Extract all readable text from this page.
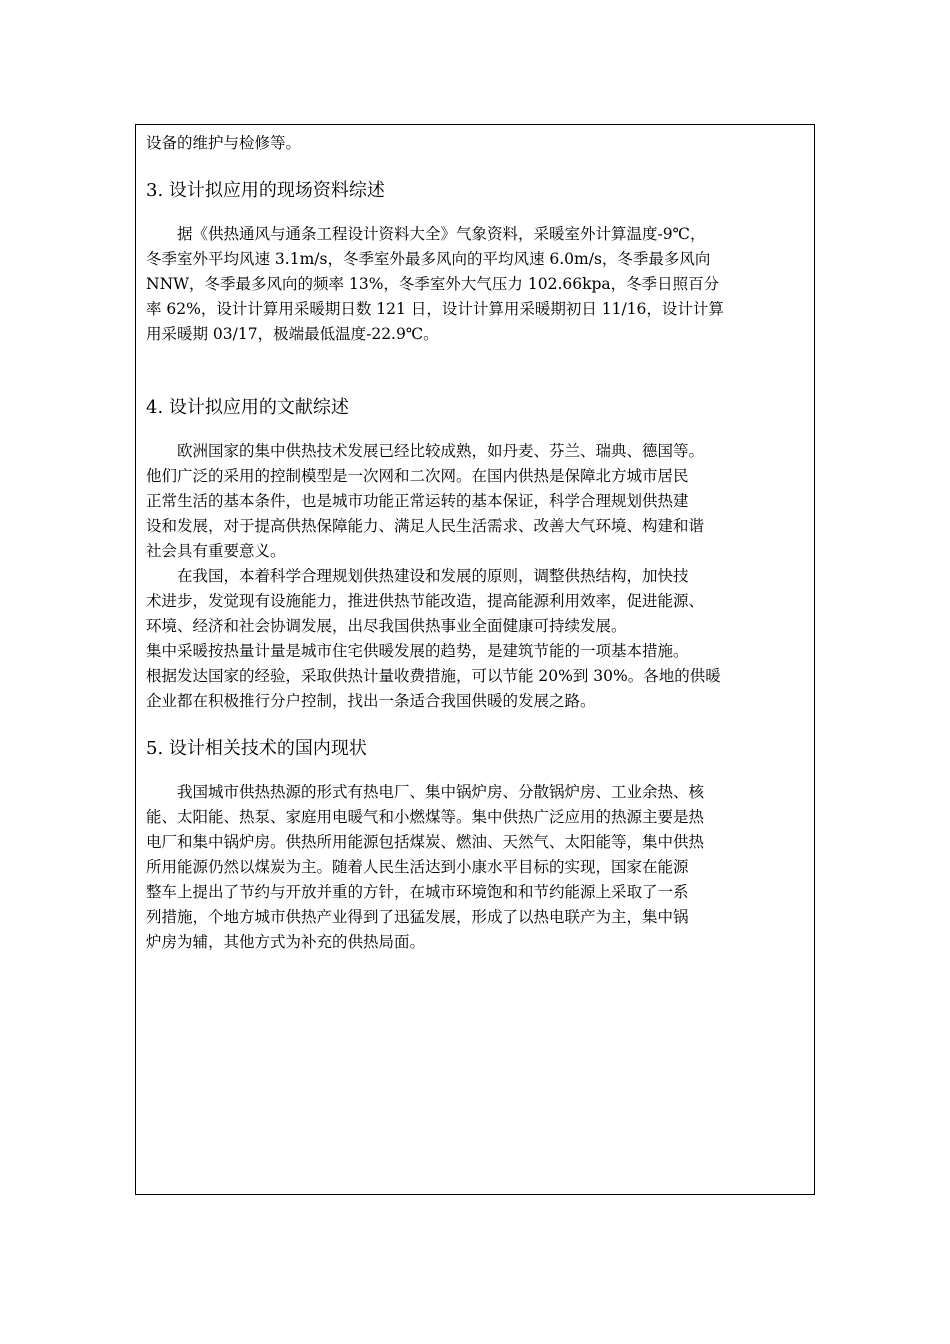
设备的维护与检修等。

3. 设计拟应用的现场资料综述

　　据《供热通风与通条工程设计资料大全》气象资料，采暖室外计算温度-9℃，

冬季室外平均风速 3.1m/s，冬季室外最多风向的平均风速 6.0m/s，冬季最多风向

NNW，冬季最多风向的频率 13%，冬季室外大气压力 102.66kpa，冬季日照百分

率 62%，设计计算用采暖期日数 121 日，设计计算用采暖期初日 11/16，设计计算

用采暖期 03/17，极端最低温度-22.9℃。

4. 设计拟应用的文献综述

　　欧洲国家的集中供热技术发展已经比较成熟，如丹麦、芬兰、瑞典、德国等。

他们广泛的采用的控制模型是一次网和二次网。在国内供热是保障北方城市居民

正常生活的基本条件，也是城市功能正常运转的基本保证，科学合理规划供热建

设和发展，对于提高供热保障能力、满足人民生活需求、改善大气环境、构建和谐

社会具有重要意义。

　　在我国，本着科学合理规划供热建设和发展的原则，调整供热结构，加快技

术进步，发觉现有设施能力，推进供热节能改造，提高能源利用效率，促进能源、

环境、经济和社会协调发展，出尽我国供热事业全面健康可持续发展。

集中采暖按热量计量是城市住宅供暖发展的趋势，是建筑节能的一项基本措施。

根据发达国家的经验，采取供热计量收费措施，可以节能 20%到 30%。各地的供暖

企业都在积极推行分户控制，找出一条适合我国供暖的发展之路。

5. 设计相关技术的国内现状

　　我国城市供热热源的形式有热电厂、集中锅炉房、分散锅炉房、工业余热、核

能、太阳能、热泵、家庭用电暖气和小燃煤等。集中供热广泛应用的热源主要是热

电厂和集中锅炉房。供热所用能源包括煤炭、燃油、天然气、太阳能等，集中供热

所用能源仍然以煤炭为主。随着人民生活达到小康水平目标的实现，国家在能源

整车上提出了节约与开放并重的方针，在城市环境饱和和节约能源上采取了一系

列措施，个地方城市供热产业得到了迅猛发展，形成了以热电联产为主，集中锅

炉房为辅，其他方式为补充的供热局面。
